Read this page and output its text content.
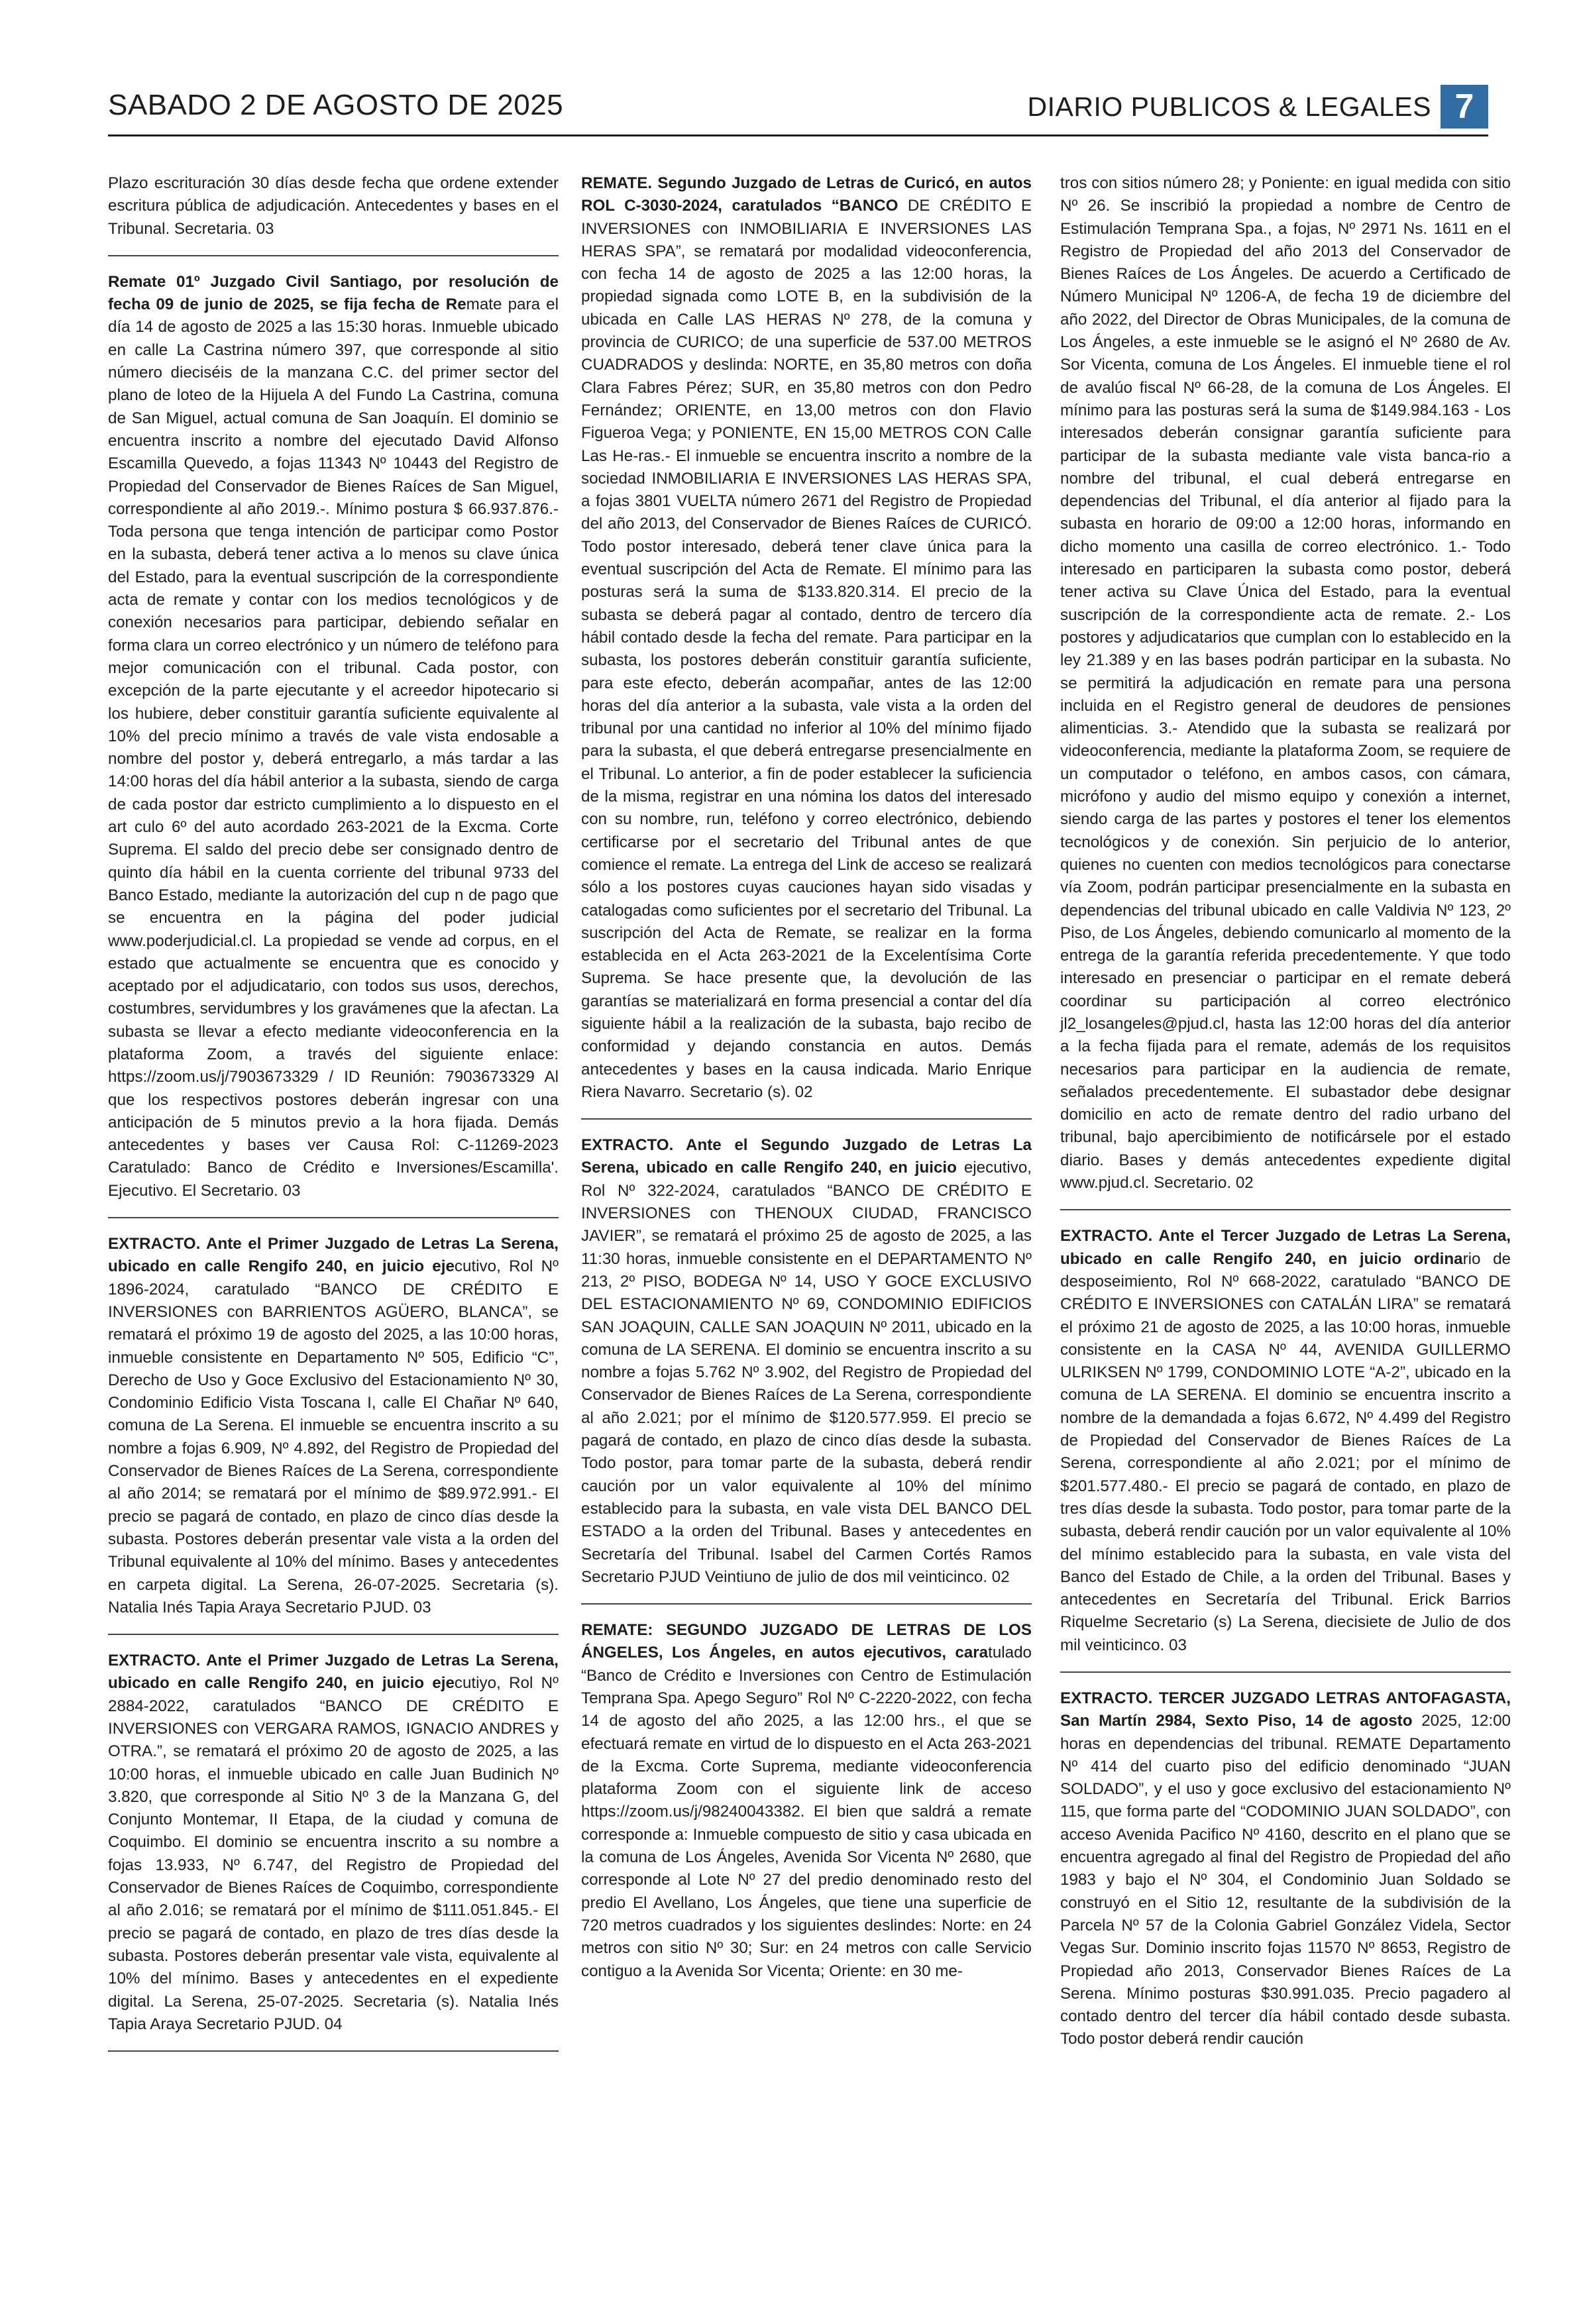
SABADO 2 DE AGOSTO DE 2025	DIARIO PUBLICOS & LEGALES 7

Plazo escrituración 30 días desde fecha que ordene extender escritura pública de adjudicación. Antecedentes y bases en el Tribunal. Secretaria. 03

Remate 01º Juzgado Civil Santiago, por resolución de fecha 09 de junio de 2025, se fija fecha de Remate para el día 14 de agosto de 2025 a las 15:30 horas. Inmueble ubicado en calle La Castrina número 397, que corresponde al sitio número dieciséis de la manzana C.C. del primer sector del plano de loteo de la Hijuela A del Fundo La Castrina, comuna de San Miguel, actual comuna de San Joaquín. El dominio se encuentra inscrito a nombre del ejecutado David Alfonso Escamilla Quevedo, a fojas 11343 Nº 10443 del Registro de Propiedad del Conservador de Bienes Raíces de San Miguel, correspondiente al año 2019.-. Mínimo postura $ 66.937.876.- Toda persona que tenga intención de participar como Postor en la subasta, deberá tener activa a lo menos su clave única del Estado, para la eventual suscripción de la correspondiente acta de remate y contar con los medios tecnológicos y de conexión necesarios para participar, debiendo señalar en forma clara un correo electrónico y un número de teléfono para mejor comunicación con el tribunal. Cada postor, con excepción de la parte ejecutante y el acreedor hipotecario si los hubiere, deber constituir garantía suficiente equivalente al 10% del precio mínimo a través de vale vista endosable a nombre del postor y, deberá entregarlo, a más tardar a las 14:00 horas del día hábil anterior a la subasta, siendo de carga de cada postor dar estricto cumplimiento a lo dispuesto en el art culo 6º del auto acordado 263-2021 de la Excma. Corte Suprema. El saldo del precio debe ser consignado dentro de quinto día hábil en la cuenta corriente del tribunal 9733 del Banco Estado, mediante la autorización del cup n de pago que se encuentra en la página del poder judicial www.poderjudicial.cl. La propiedad se vende ad corpus, en el estado que actualmente se encuentra que es conocido y aceptado por el adjudicatario, con todos sus usos, derechos, costumbres, servidumbres y los gravámenes que la afectan. La subasta se llevar a efecto mediante videoconferencia en la plataforma Zoom, a través del siguiente enlace: https://zoom.us/j/7903673329 / ID Reunión: 7903673329 Al que los respectivos postores deberán ingresar con una anticipación de 5 minutos previo a la hora fijada. Demás antecedentes y bases ver Causa Rol: C-11269-2023 Caratulado: Banco de Crédito e Inversiones/Escamilla'. Ejecutivo. El Secretario. 03

EXTRACTO. Ante el Primer Juzgado de Letras La Serena, ubicado en calle Rengifo 240, en juicio ejecutivo, Rol Nº 1896-2024, caratulado “BANCO DE CRÉDITO E INVERSIONES con BARRIENTOS AGÜERO, BLANCA”, se rematará el próximo 19 de agosto del 2025, a las 10:00 horas, inmueble consistente en Departamento Nº 505, Edificio “C”, Derecho de Uso y Goce Exclusivo del Estacionamiento Nº 30, Condominio Edificio Vista Toscana I, calle El Chañar Nº 640, comuna de La Serena. El inmueble se encuentra inscrito a su nombre a fojas 6.909, Nº 4.892, del Registro de Propiedad del Conservador de Bienes Raíces de La Serena, correspondiente al año 2014; se rematará por el mínimo de $89.972.991.- El precio se pagará de contado, en plazo de cinco días desde la subasta. Postores deberán presentar vale vista a la orden del Tribunal equivalente al 10% del mínimo. Bases y antecedentes en carpeta digital. La Serena, 26-07-2025. Secretaria (s). Natalia Inés Tapia Araya Secretario PJUD. 03

EXTRACTO. Ante el Primer Juzgado de Letras La Serena, ubicado en calle Rengifo 240, en juicio ejecutiyo, Rol Nº 2884-2022, caratulados “BANCO DE CRÉDITO E INVERSIONES con VERGARA RAMOS, IGNACIO ANDRES y OTRA.”, se rematará el próximo 20 de agosto de 2025, a las 10:00 horas, el inmueble ubicado en calle Juan Budinich Nº 3.820, que corresponde al Sitio Nº 3 de la Manzana G, del Conjunto Montemar, II Etapa, de la ciudad y comuna de Coquimbo. El dominio se encuentra inscrito a su nombre a fojas 13.933, Nº 6.747, del Registro de Propiedad del Conservador de Bienes Raíces de Coquimbo, correspondiente al año 2.016; se rematará por el mínimo de $111.051.845.- El precio se pagará de contado, en plazo de tres días desde la subasta. Postores deberán presentar vale vista, equivalente al 10% del mínimo. Bases y antecedentes en el expediente digital. La Serena, 25-07-2025. Secretaria (s). Natalia Inés Tapia Araya Secretario PJUD. 04

REMATE. Segundo Juzgado de Letras de Curicó, en autos ROL C-3030-2024, caratulados “BANCO DE CRÉDITO E INVERSIONES con INMOBILIARIA E INVERSIONES LAS HERAS SPA”, se rematará por modalidad videoconferencia, con fecha 14 de agosto de 2025 a las 12:00 horas, la propiedad signada como LOTE B, en la subdivisión de la ubicada en Calle LAS HERAS Nº 278, de la comuna y provincia de CURICO; de una superficie de 537.00 METROS CUADRADOS y deslinda: NORTE, en 35,80 metros con doña Clara Fabres Pérez; SUR, en 35,80 metros con don Pedro Fernández; ORIENTE, en 13,00 metros con don Flavio Figueroa Vega; y PONIENTE, EN 15,00 METROS CON Calle Las He-ras.- El inmueble se encuentra inscrito a nombre de la sociedad INMOBILIARIA E INVERSIONES LAS HERAS SPA, a fojas 3801 VUELTA número 2671 del Registro de Propiedad del año 2013, del Conservador de Bienes Raíces de CURICÓ. Todo postor interesado, deberá tener clave única para la eventual suscripción del Acta de Remate. El mínimo para las posturas será la suma de $133.820.314. El precio de la subasta se deberá pagar al contado, dentro de tercero día hábil contado desde la fecha del remate. Para participar en la subasta, los postores deberán constituir garantía suficiente, para este efecto, deberán acompañar, antes de las 12:00 horas del día anterior a la subasta, vale vista a la orden del tribunal por una cantidad no inferior al 10% del mínimo fijado para la subasta, el que deberá entregarse presencialmente en el Tribunal. Lo anterior, a fin de poder establecer la suficiencia de la misma, registrar en una nómina los datos del interesado con su nombre, run, teléfono y correo electrónico, debiendo certificarse por el secretario del Tribunal antes de que comience el remate. La entrega del Link de acceso se realizará sólo a los postores cuyas cauciones hayan sido visadas y catalogadas como suficientes por el secretario del Tribunal. La suscripción del Acta de Remate, se realizar en la forma establecida en el Acta 263-2021 de la Excelentísima Corte Suprema. Se hace presente que, la devolución de las garantías se materializará en forma presencial a contar del día siguiente hábil a la realización de la subasta, bajo recibo de conformidad y dejando constancia en autos. Demás antecedentes y bases en la causa indicada. Mario Enrique Riera Navarro. Secretario (s). 02

EXTRACTO. Ante el Segundo Juzgado de Letras La Serena, ubicado en calle Rengifo 240, en juicio ejecutivo, Rol Nº 322-2024, caratulados “BANCO DE CRÉDITO E INVERSIONES con THENOUX CIUDAD, FRANCISCO JAVIER”, se rematará el próximo 25 de agosto de 2025, a las 11:30 horas, inmueble consistente en el DEPARTAMENTO Nº 213, 2º PISO, BODEGA Nº 14, USO Y GOCE EXCLUSIVO DEL ESTACIONAMIENTO Nº 69, CONDOMINIO EDIFICIOS SAN JOAQUIN, CALLE SAN JOAQUIN Nº 2011, ubicado en la comuna de LA SERENA. El dominio se encuentra inscrito a su nombre a fojas 5.762 Nº 3.902, del Registro de Propiedad del Conservador de Bienes Raíces de La Serena, correspondiente al año 2.021; por el mínimo de $120.577.959. El precio se pagará de contado, en plazo de cinco días desde la subasta. Todo postor, para tomar parte de la subasta, deberá rendir caución por un valor equivalente al 10% del mínimo establecido para la subasta, en vale vista DEL BANCO DEL ESTADO a la orden del Tribunal. Bases y antecedentes en Secretaría del Tribunal. Isabel del Carmen Cortés Ramos Secretario PJUD Veintiuno de julio de dos mil veinticinco. 02

REMATE: SEGUNDO JUZGADO DE LETRAS DE LOS ÁNGELES, Los Ángeles, en autos ejecutivos, caratulado “Banco de Crédito e Inversiones con Centro de Estimulación Temprana Spa. Apego Seguro” Rol Nº C-2220-2022, con fecha 14 de agosto del año 2025, a las 12:00 hrs., el que se efectuará remate en virtud de lo dispuesto en el Acta 263-2021 de la Excma. Corte Suprema, mediante videoconferencia plataforma Zoom con el siguiente link de acceso https://zoom.us/j/98240043382. El bien que saldrá a remate corresponde a: Inmueble compuesto de sitio y casa ubicada en la comuna de Los Ángeles, Avenida Sor Vicenta Nº 2680, que corresponde al Lote Nº 27 del predio denominado resto del predio El Avellano, Los Ángeles, que tiene una superficie de 720 metros cuadrados y los siguientes deslindes: Norte: en 24 metros con sitio Nº 30; Sur: en 24 metros con calle Servicio contiguo a la Avenida Sor Vicenta; Oriente: en 30 me-

tros con sitios número 28; y Poniente: en igual medida con sitio Nº 26. Se inscribió la propiedad a nombre de Centro de Estimulación Temprana Spa., a fojas, Nº 2971 Ns. 1611 en el Registro de Propiedad del año 2013 del Conservador de Bienes Raíces de Los Ángeles. De acuerdo a Certificado de Número Municipal Nº 1206-A, de fecha 19 de diciembre del año 2022, del Director de Obras Municipales, de la comuna de Los Ángeles, a este inmueble se le asignó el Nº 2680 de Av. Sor Vicenta, comuna de Los Ángeles. El inmueble tiene el rol de avalúo fiscal Nº 66-28, de la comuna de Los Ángeles. El mínimo para las posturas será la suma de $149.984.163 - Los interesados deberán consignar garantía suficiente para participar de la subasta mediante vale vista banca-rio a nombre del tribunal, el cual deberá entregarse en dependencias del Tribunal, el día anterior al fijado para la subasta en horario de 09:00 a 12:00 horas, informando en dicho momento una casilla de correo electrónico. 1.- Todo interesado en participaren la subasta como postor, deberá tener activa su Clave Única del Estado, para la eventual suscripción de la correspondiente acta de remate. 2.- Los postores y adjudicatarios que cumplan con lo establecido en la ley 21.389 y en las bases podrán participar en la subasta. No se permitirá la adjudicación en remate para una persona incluida en el Registro general de deudores de pensiones alimenticias. 3.- Atendido que la subasta se realizará por videoconferencia, mediante la plataforma Zoom, se requiere de un computador o teléfono, en ambos casos, con cámara, micrófono y audio del mismo equipo y conexión a internet, siendo carga de las partes y postores el tener los elementos tecnológicos y de conexión. Sin perjuicio de lo anterior, quienes no cuenten con medios tecnológicos para conectarse vía Zoom, podrán participar presencialmente en la subasta en dependencias del tribunal ubicado en calle Valdivia Nº 123, 2º Piso, de Los Ángeles, debiendo comunicarlo al momento de la entrega de la garantía referida precedentemente. Y que todo interesado en presenciar o participar en el remate deberá coordinar su participación al correo electrónico jl2_losangeles@pjud.cl, hasta las 12:00 horas del día anterior a la fecha fijada para el remate, además de los requisitos necesarios para participar en la audiencia de remate, señalados precedentemente. El subastador debe designar domicilio en acto de remate dentro del radio urbano del tribunal, bajo apercibimiento de notificársele por el estado diario. Bases y demás antecedentes expediente digital www.pjud.cl. Secretario. 02

EXTRACTO. Ante el Tercer Juzgado de Letras La Serena, ubicado en calle Rengifo 240, en juicio ordinario de desposeimiento, Rol Nº 668-2022, caratulado “BANCO DE CRÉDITO E INVERSIONES con CATALÁN LIRA” se rematará el próximo 21 de agosto de 2025, a las 10:00 horas, inmueble consistente en la CASA Nº 44, AVENIDA GUILLERMO ULRIKSEN Nº 1799, CONDOMINIO LOTE “A-2”, ubicado en la comuna de LA SERENA. El dominio se encuentra inscrito a nombre de la demandada a fojas 6.672, Nº 4.499 del Registro de Propiedad del Conservador de Bienes Raíces de La Serena, correspondiente al año 2.021; por el mínimo de $201.577.480.- El precio se pagará de contado, en plazo de tres días desde la subasta. Todo postor, para tomar parte de la subasta, deberá rendir caución por un valor equivalente al 10% del mínimo establecido para la subasta, en vale vista del Banco del Estado de Chile, a la orden del Tribunal. Bases y antecedentes en Secretaría del Tribunal. Erick Barrios Riquelme Secretario (s) La Serena, diecisiete de Julio de dos mil veinticinco. 03

EXTRACTO. TERCER JUZGADO LETRAS ANTOFAGASTA, San Martín 2984, Sexto Piso, 14 de agosto 2025, 12:00 horas en dependencias del tribunal. REMATE Departamento Nº 414 del cuarto piso del edificio denominado “JUAN SOLDADO”, y el uso y goce exclusivo del estacionamiento Nº 115, que forma parte del “CODOMINIO JUAN SOLDADO”, con acceso Avenida Pacifico Nº 4160, descrito en el plano que se encuentra agregado al final del Registro de Propiedad del año 1983 y bajo el Nº 304, el Condominio Juan Soldado se construyó en el Sitio 12, resultante de la subdivisión de la Parcela Nº 57 de la Colonia Gabriel González Videla, Sector Vegas Sur. Dominio inscrito fojas 11570 Nº 8653, Registro de Propiedad año 2013, Conservador Bienes Raíces de La Serena. Mínimo posturas $30.991.035. Precio pagadero al contado dentro del tercer día hábil contado desde subasta. Todo postor deberá rendir caución
